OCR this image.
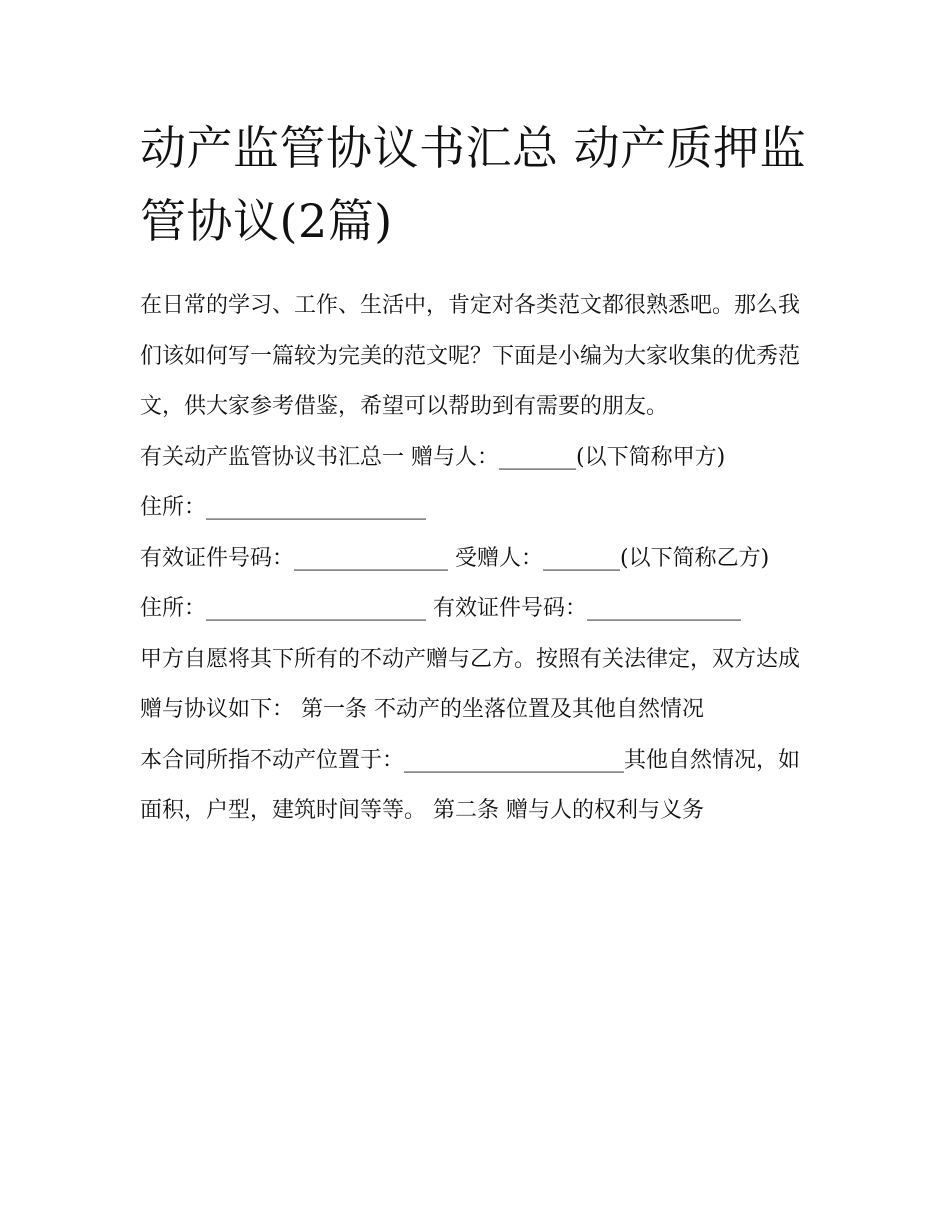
动产监管协议书汇总 动产质押监管协议(2篇)

在日常的学习、工作、生活中，肯定对各类范文都很熟悉吧。那么我们该如何写一篇较为完美的范文呢？下面是小编为大家收集的优秀范文，供大家参考借鉴，希望可以帮助到有需要的朋友。

有关动产监管协议书汇总一 赠与人：_______(以下简称甲方)

住所：____________________

有效证件号码：______________ 受赠人：_______(以下简称乙方)

住所：____________________ 有效证件号码：______________

甲方自愿将其下所有的不动产赠与乙方。按照有关法律定，双方达成赠与协议如下： 第一条 不动产的坐落位置及其他自然情况

本合同所指不动产位置于：____________________其他自然情况，如面积，户型，建筑时间等等。 第二条 赠与人的权利与义务
